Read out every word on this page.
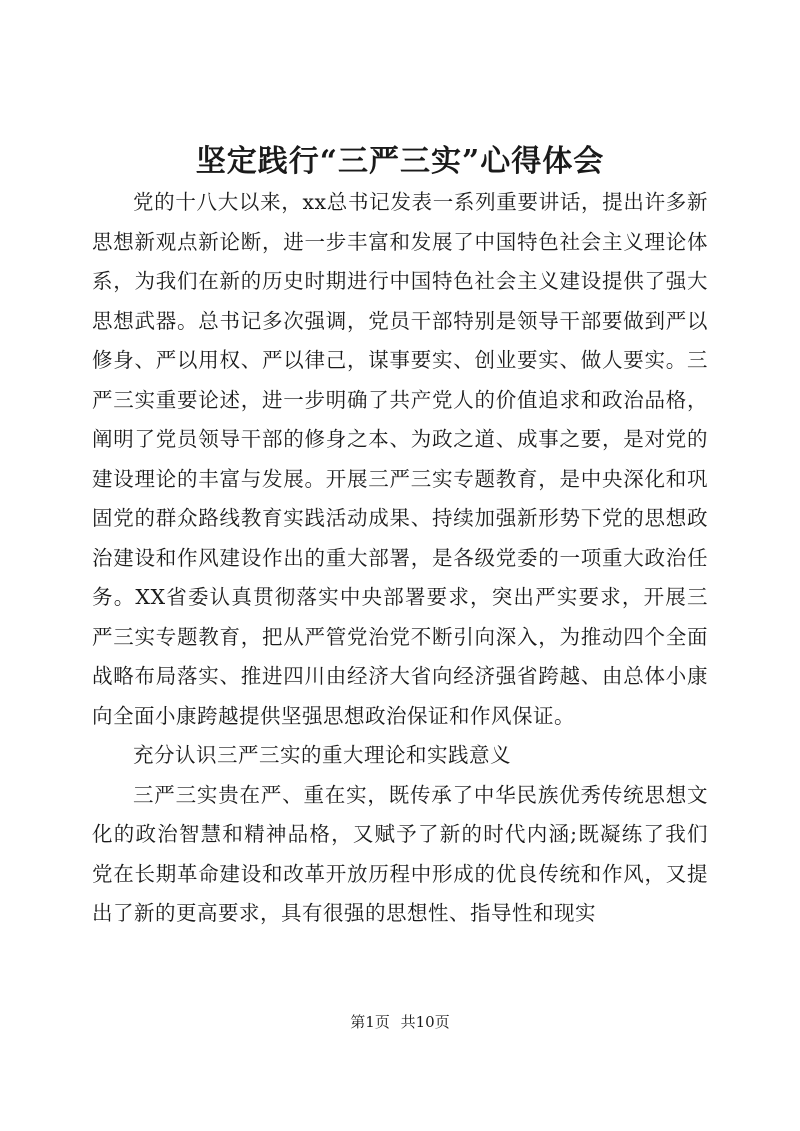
坚定践行“三严三实”心得体会

党的十八大以来，xx总书记发表一系列重要讲话，提出许多新思想新观点新论断，进一步丰富和发展了中国特色社会主义理论体系，为我们在新的历史时期进行中国特色社会主义建设提供了强大思想武器。总书记多次强调，党员干部特别是领导干部要做到严以修身、严以用权、严以律己，谋事要实、创业要实、做人要实。三严三实重要论述，进一步明确了共产党人的价值追求和政治品格，阐明了党员领导干部的修身之本、为政之道、成事之要，是对党的建设理论的丰富与发展。开展三严三实专题教育，是中央深化和巩固党的群众路线教育实践活动成果、持续加强新形势下党的思想政治建设和作风建设作出的重大部署，是各级党委的一项重大政治任务。XX省委认真贯彻落实中央部署要求，突出严实要求，开展三严三实专题教育，把从严管党治党不断引向深入，为推动四个全面战略布局落实、推进四川由经济大省向经济强省跨越、由总体小康向全面小康跨越提供坚强思想政治保证和作风保证。

充分认识三严三实的重大理论和实践意义

三严三实贵在严、重在实，既传承了中华民族优秀传统思想文化的政治智慧和精神品格，又赋予了新的时代内涵;既凝练了我们党在长期革命建设和改革开放历程中形成的优良传统和作风，又提出了新的更高要求，具有很强的思想性、指导性和现实

第1页 共10页
